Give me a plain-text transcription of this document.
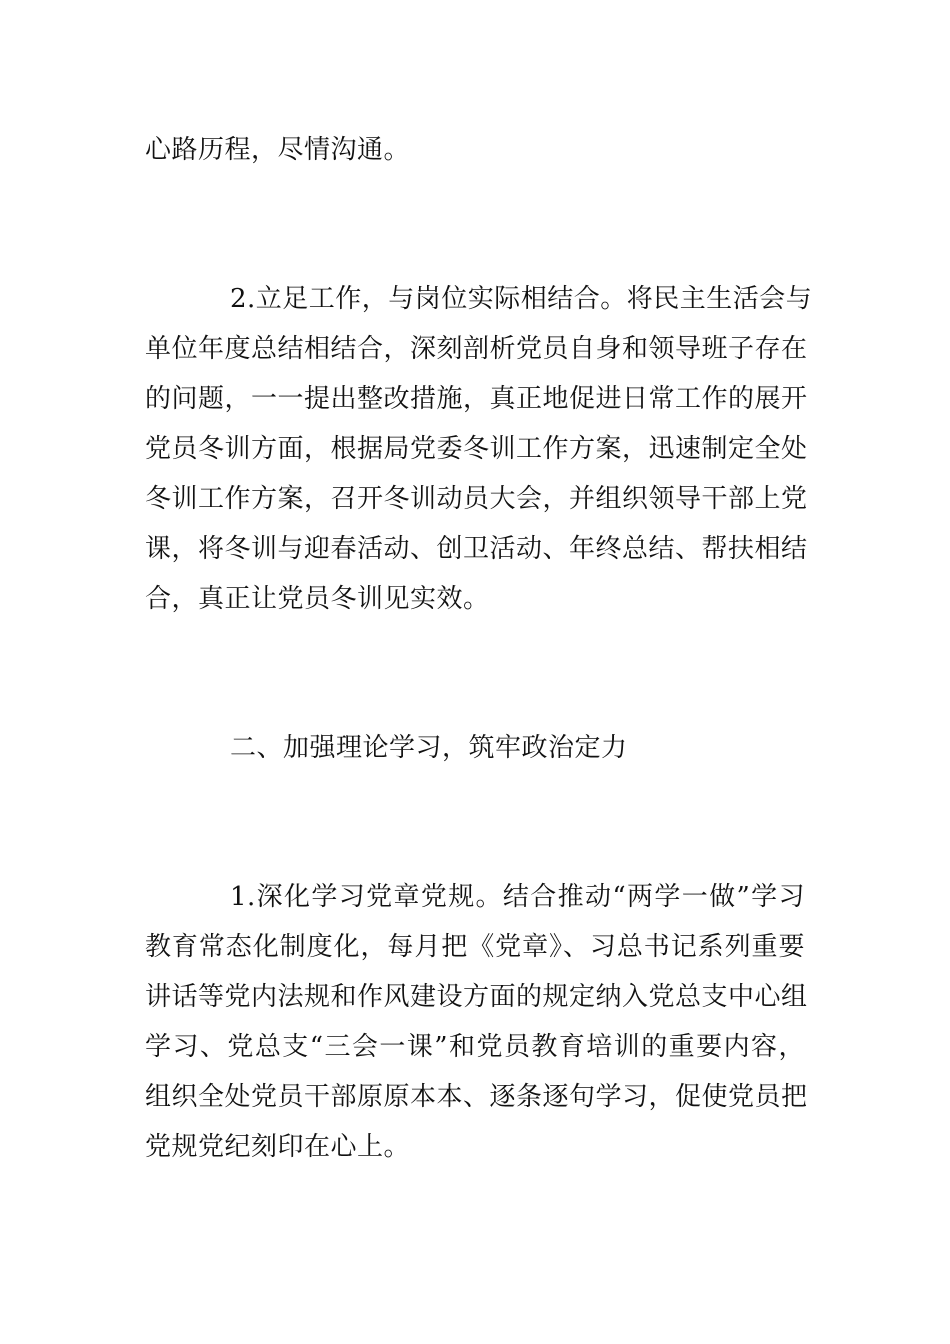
心路历程，尽情沟通。
2.立足工作，与岗位实际相结合。将民主生活会与
单位年度总结相结合，深刻剖析党员自身和领导班子存在
的问题，一一提出整改措施，真正地促进日常工作的展开
党员冬训方面，根据局党委冬训工作方案，迅速制定全处
冬训工作方案，召开冬训动员大会，并组织领导干部上党
课，将冬训与迎春活动、创卫活动、年终总结、帮扶相结
合，真正让党员冬训见实效。
二、加强理论学习，筑牢政治定力
1.深化学习党章党规。结合推动“两学一做”学习
教育常态化制度化，每月把《党章》、习总书记系列重要
讲话等党内法规和作风建设方面的规定纳入党总支中心组
学习、党总支“三会一课”和党员教育培训的重要内容，
组织全处党员干部原原本本、逐条逐句学习，促使党员把
党规党纪刻印在心上。
